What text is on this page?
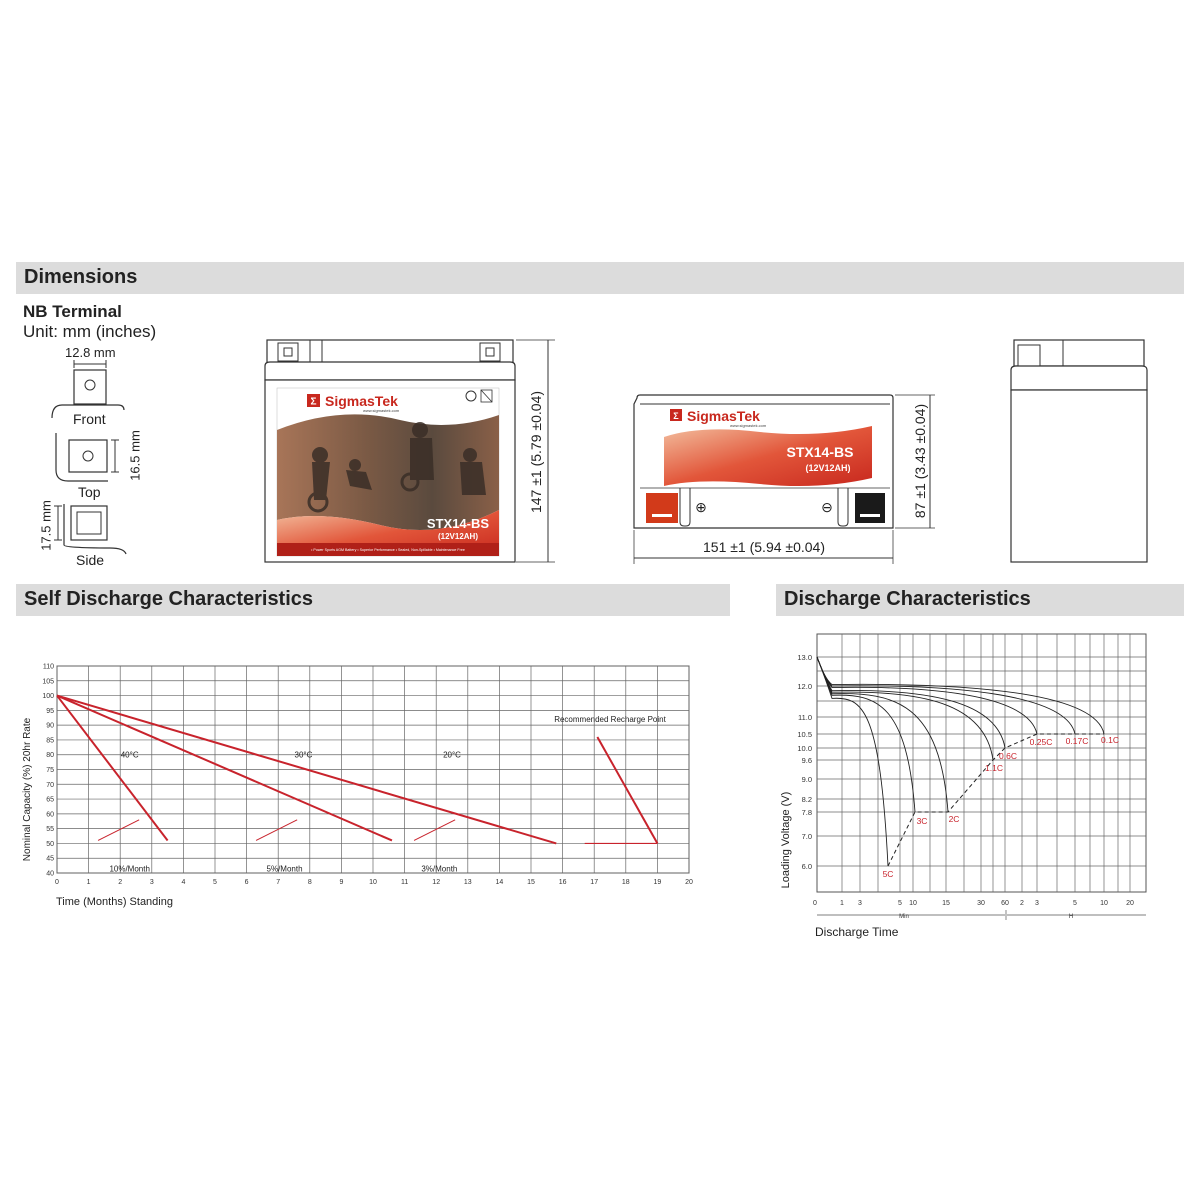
Dimensions
Self Discharge Characteristics	Discharge Characteristics
NB Terminal
Unit: mm (inches)
12.8 mm
Front
Top
Side
16.5 mm
17.5 mm
Σ SigmasTek
www.sigmastek.com
STX14-BS
(12V12AH)
• Power Sports AGM Battery • Superior Performance • Sealed, Non-Spillable • Maintenance Free
147 ±1 (5.79 ±0.04)	Σ SigmasTek
www.sigmastek.com
STX14-BS
(12V12AH)
⊕	⊖
151 ±1 (5.94 ±0.04)
87 ±1 (3.43 ±0.04)
0	1	2	3	4	5	6	7	8	9	10	11	12	13	14	15	16	17	18	19	20
40
45
50
55
60
65
70
75
80
85
90
95
100
105
110
Time (Months) Standing
Nominal Capacity (%) 20hr Rate	40°C	30°C	20°C
10%/Month	5%/Month	3%/Month
Recommended Recharge Point
6.0
7.0
7.8
8.2
9.0
9.6
10.0
10.5
11.0
12.0
13.0
0	1 3	5 10	15	30 60 2 3	5	10	20
Min	H
Discharge Time
Loading Voltage (V)	5C
3C 2C
1.1C
0.6C
0.25C 0.17C 0.1C
